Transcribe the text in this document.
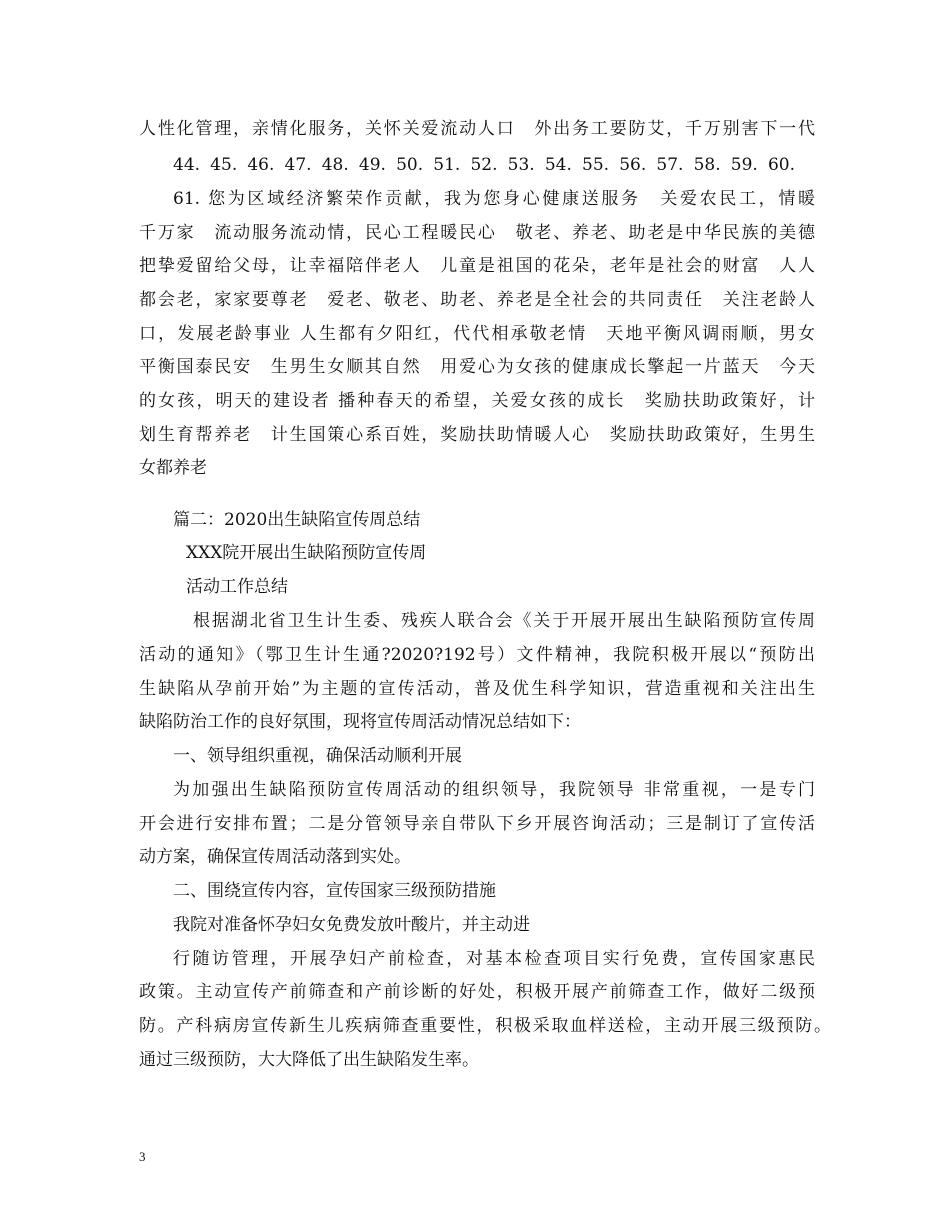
人性化管理，亲情化服务，关怀关爱流动人口　外出务工要防艾，千万别害下一代
44. 45. 46. 47. 48. 49. 50. 51. 52. 53. 54. 55. 56. 57. 58. 59. 60.
61. 您为区域经济繁荣作贡献，我为您身心健康送服务　关爱农民工，情暖
千万家　流动服务流动情，民心工程暖民心　敬老、养老、助老是中华民族的美德
把挚爱留给父母，让幸福陪伴老人　儿童是祖国的花朵，老年是社会的财富　人人
都会老，家家要尊老　爱老、敬老、助老、养老是全社会的共同责任　关注老龄人
口，发展老龄事业 人生都有夕阳红，代代相承敬老情　天地平衡风调雨顺，男女
平衡国泰民安　生男生女顺其自然　用爱心为女孩的健康成长擎起一片蓝天　今天
的女孩，明天的建设者 播种春天的希望，关爱女孩的成长　奖励扶助政策好，计
划生育帮养老　计生国策心系百姓，奖励扶助情暖人心　奖励扶助政策好，生男生
女都养老
篇二：2020出生缺陷宣传周总结
XXX院开展出生缺陷预防宣传周
活动工作总结
根据湖北省卫生计生委、残疾人联合会《关于开展开展出生缺陷预防宣传周
活动的通知》（鄂卫生计生通?2020?192号）文件精神，我院积极开展以“预防出
生缺陷从孕前开始”为主题的宣传活动，普及优生科学知识，营造重视和关注出生
缺陷防治工作的良好氛围，现将宣传周活动情况总结如下：
一、领导组织重视，确保活动顺利开展
为加强出生缺陷预防宣传周活动的组织领导，我院领导 非常重视，一是专门
开会进行安排布置；二是分管领导亲自带队下乡开展咨询活动；三是制订了宣传活
动方案，确保宣传周活动落到实处。
二、围绕宣传内容，宣传国家三级预防措施
我院对准备怀孕妇女免费发放叶酸片，并主动进
行随访管理，开展孕妇产前检查，对基本检查项目实行免费，宣传国家惠民
政策。主动宣传产前筛查和产前诊断的好处，积极开展产前筛查工作，做好二级预
防。产科病房宣传新生儿疾病筛查重要性，积极采取血样送检，主动开展三级预防。
通过三级预防，大大降低了出生缺陷发生率。
3
